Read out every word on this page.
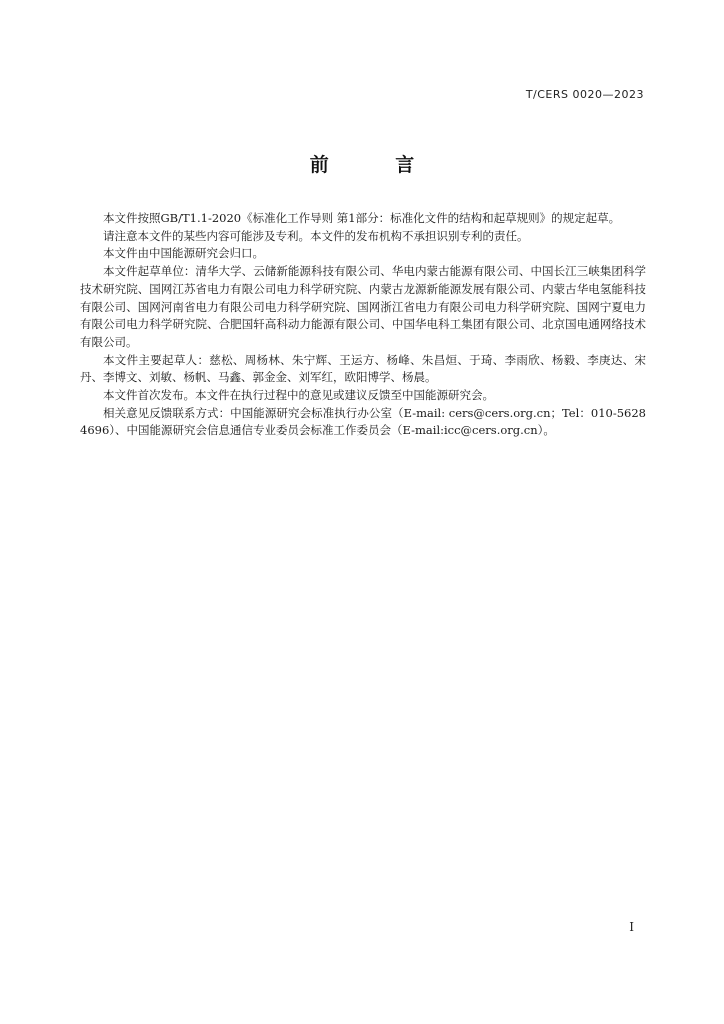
T/CERS 0020—2023
前 言

本文件按照GB/T1.1-2020《标准化工作导则 第1部分：标准化文件的结构和起草规则》的规定起草。

请注意本文件的某些内容可能涉及专利。本文件的发布机构不承担识别专利的责任。

本文件由中国能源研究会归口。

本文件起草单位：清华大学、云储新能源科技有限公司、华电内蒙古能源有限公司、中国长江三峡集团科学技术研究院、国网江苏省电力有限公司电力科学研究院、内蒙古龙源新能源发展有限公司、内蒙古华电氢能科技有限公司、国网河南省电力有限公司电力科学研究院、国网浙江省电力有限公司电力科学研究院、国网宁夏电力有限公司电力科学研究院、合肥国轩高科动力能源有限公司、中国华电科工集团有限公司、北京国电通网络技术有限公司。

本文件主要起草人：慈松、周杨林、朱宁辉、王运方、杨峰、朱昌烜、于琦、李雨欣、杨毅、李庚达、宋丹、李博文、刘敏、杨帆、马鑫、郭金金、刘军红，欧阳博学、杨晨。

本文件首次发布。本文件在执行过程中的意见或建议反馈至中国能源研究会。

相关意见反馈联系方式：中国能源研究会标准执行办公室（E-mail: cers@cers.org.cn；Tel：010-56284696）、中国能源研究会信息通信专业委员会标准工作委员会（E-mail:icc@cers.org.cn）。

I
